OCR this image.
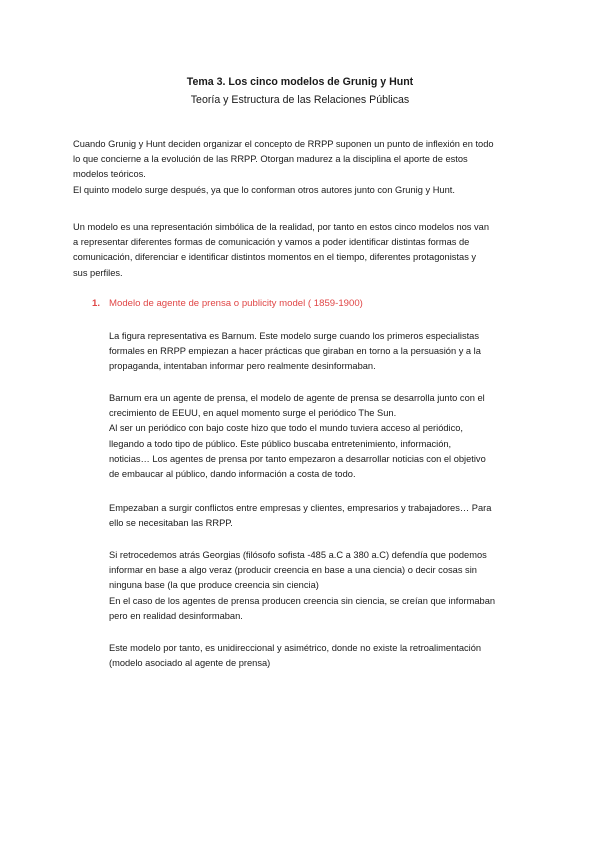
Tema 3. Los cinco modelos de Grunig y Hunt
Teoría y Estructura de las Relaciones Públicas

Cuando Grunig y Hunt deciden organizar el concepto de RRPP suponen un punto de inflexión en todo

lo que concierne a la evolución de las RRPP. Otorgan madurez a la disciplina el aporte de estos

modelos teóricos.

El quinto modelo surge después, ya que lo conforman otros autores junto con Grunig y Hunt.

Un modelo es una representación simbólica de la realidad, por tanto en estos cinco modelos nos van

a representar diferentes formas de comunicación y vamos a poder identificar distintas formas de

comunicación, diferenciar e identificar distintos momentos en el tiempo, diferentes protagonistas y

sus perfiles.

1. Modelo de agente de prensa o publicity model ( 1859-1900)

La figura representativa es Barnum. Este modelo surge cuando los primeros especialistas

formales en RRPP empiezan a hacer prácticas que giraban en torno a la persuasión y a la

propaganda, intentaban informar pero realmente desinformaban.

Barnum era un agente de prensa, el modelo de agente de prensa se desarrolla junto con el

crecimiento de EEUU, en aquel momento surge el periódico The Sun.

Al ser un periódico con bajo coste hizo que todo el mundo tuviera acceso al periódico,

llegando a todo tipo de público. Este público buscaba entretenimiento, información,

noticias… Los agentes de prensa por tanto empezaron a desarrollar noticias con el objetivo

de embaucar al público, dando información a costa de todo.

Empezaban a surgir conflictos entre empresas y clientes, empresarios y trabajadores… Para

ello se necesitaban las RRPP.

Si retrocedemos atrás Georgias (filósofo sofista -485 a.C a 380 a.C) defendía que podemos

informar en base a algo veraz (producir creencia en base a una ciencia) o decir cosas sin

ninguna base (la que produce creencia sin ciencia)

En el caso de los agentes de prensa producen creencia sin ciencia, se creían que informaban

pero en realidad desinformaban.

Este modelo por tanto, es unidireccional y asimétrico, donde no existe la retroalimentación

(modelo asociado al agente de prensa)
